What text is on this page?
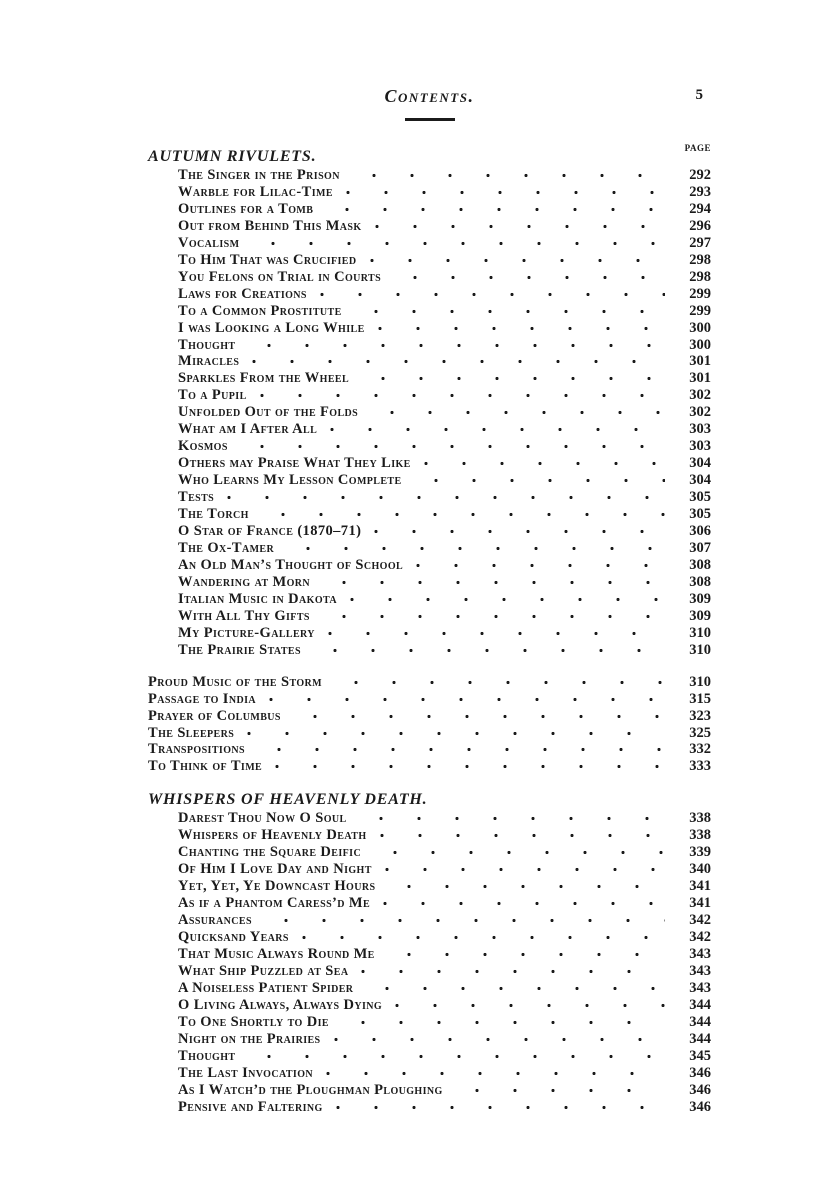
Contents.	5
PAGE
AUTUMN RIVULETS.
The Singer in the Prison	292
Warble for Lilac-Time	293
Outlines for a Tomb	294
Out from Behind This Mask	296
Vocalism	297
To Him That was Crucified	298
You Felons on Trial in Courts	298
Laws for Creations	299
To a Common Prostitute	299
I was Looking a Long While	300
Thought	300
Miracles	301
Sparkles From the Wheel	301
To a Pupil	302
Unfolded Out of the Folds	302
What am I After All	303
Kosmos	303
Others may Praise What They Like	304
Who Learns My Lesson Complete	304
Tests	305
The Torch	305
O Star of France (1870–71)	306
The Ox-Tamer	307
An Old Man’s Thought of School	308
Wandering at Morn	308
Italian Music in Dakota	309
With All Thy Gifts	309
My Picture-Gallery	310
The Prairie States	310
Proud Music of the Storm	310
Passage to India	315
Prayer of Columbus	323
The Sleepers	325
Transpositions	332
To Think of Time	333
WHISPERS OF HEAVENLY DEATH.
Darest Thou Now O Soul	338
Whispers of Heavenly Death	338
Chanting the Square Deific	339
Of Him I Love Day and Night	340
Yet, Yet, Ye Downcast Hours	341
As if a Phantom Caress’d Me	341
Assurances	342
Quicksand Years	342
That Music Always Round Me	343
What Ship Puzzled at Sea	343
A Noiseless Patient Spider	343
O Living Always, Always Dying	344
To One Shortly to Die	344
Night on the Prairies	344
Thought	345
The Last Invocation	346
As I Watch’d the Ploughman Ploughing	346
Pensive and Faltering	346
